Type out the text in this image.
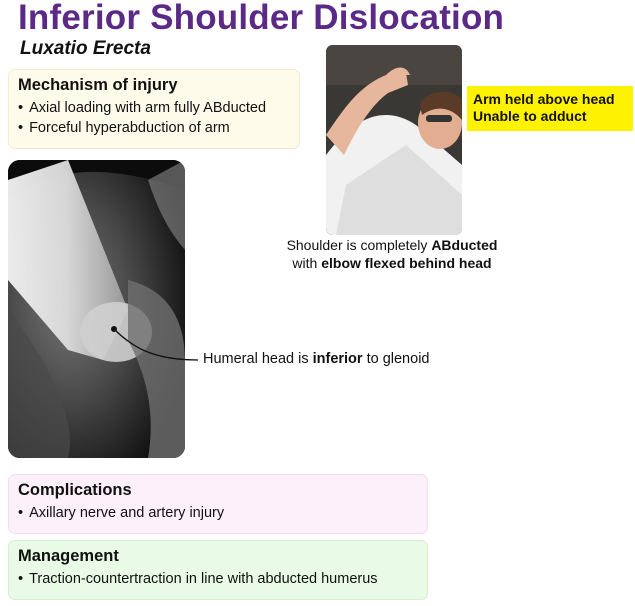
Inferior Shoulder Dislocation
Luxatio Erecta
Mechanism of injury
• Axial loading with arm fully ABducted
• Forceful hyperabduction of arm
Humeral head is inferior to glenoid
Arm held above head
Unable to adduct
Shoulder is completely ABducted
with elbow flexed behind head
Complications
• Axillary nerve and artery injury
Management
• Traction-countertraction in line with abducted humerus
